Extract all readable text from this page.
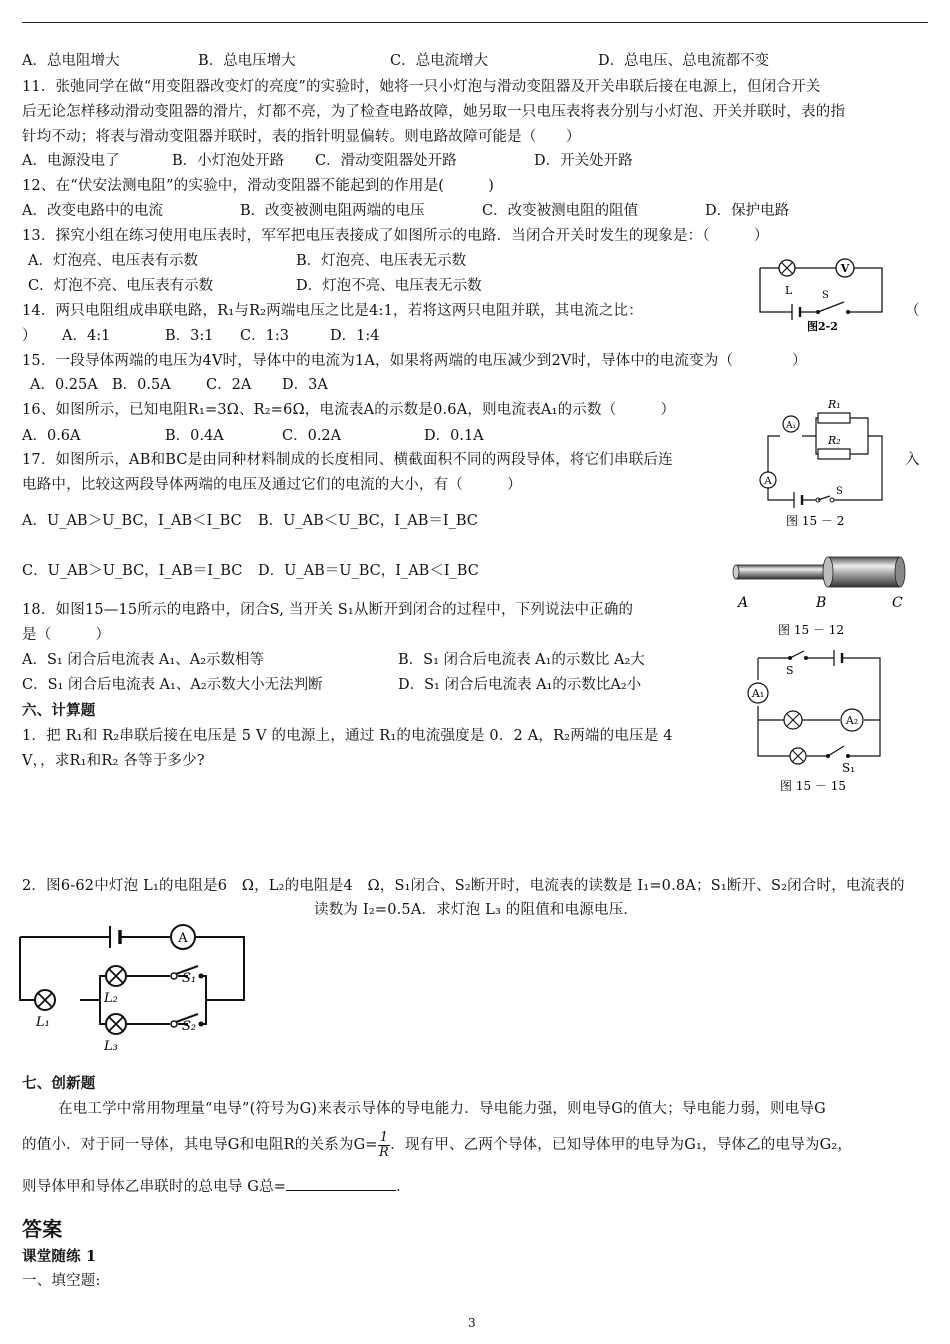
A．总电阻增大	B．总电压增大	C．总电流增大	D．总电压、总电流都不变
11．张弛同学在做“用变阻器改变灯的亮度”的实验时，她将一只小灯泡与滑动变阻器及开关串联后接在电源上，但闭合开关
后无论怎样移动滑动变阻器的滑片，灯都不亮，为了检查电路故障，她另取一只电压表将表分别与小灯泡、开关并联时，表的指
针均不动；将表与滑动变阻器并联时，表的指针明显偏转。则电路故障可能是（　　）
A．电源没电了	B．小灯泡处开路 C．滑动变阻器处开路	D．开关处开路
12、在“伏安法测电阻”的实验中，滑动变阻器不能起到的作用是(　　　)
A．改变电路中的电流	B．改变被测电阻两端的电压	C．改变被测电阻的阻值	D．保护电路
13．探究小组在练习使用电压表时，军军把电压表接成了如图所示的电路．当闭合开关时发生的现象是：（　　　）
A．灯泡亮、电压表有示数	B．灯泡亮、电压表无示数
C．灯泡不亮、电压表有示数	D．灯泡不亮、电压表无示数
V
L	S
图2-2
14．两只电阻组成串联电路，R₁与R₂两端电压之比是4:1，若将这两只电阻并联，其电流之比：	（
） A．4:1	B．3:1 C．1:3	D．1:4
15．一段导体两端的电压为4V时，导体中的电流为1A，如果将两端的电压减少到2V时，导体中的电流变为（　　　　）
A．0.25A B．0.5A C．2A D．3A
16、如图所示，已知电阻R₁=3Ω、R₂=6Ω，电流表A的示数是0.6A，则电流表A₁的示数（　　　）
A．0.6A	B．0.4A	C．0.2A	D．0.1A
A₁
R₁
R₂
A
S
图 15 － 2
17．如图所示，AB和BC是由同种材料制成的长度相同、横截面积不同的两段导体，将它们串联后连	入
电路中，比较这两段导体两端的电压及通过它们的电流的大小，有（　　　）
A．U_AB＞U_BC，I_AB＜I_BC B．U_AB＜U_BC，I_AB＝I_BC
C．U_AB＞U_BC，I_AB＝I_BC D．U_AB＝U_BC，I_AB＜I_BC
A	B	C
图 15 － 12
18．如图15—15所示的电路中，闭合S, 当开关 S₁从断开到闭合的过程中，下列说法中正确的
是（　　　）
A．S₁ 闭合后电流表 A₁、A₂示数相等	B．S₁ 闭合后电流表 A₁的示数比 A₂大
C．S₁ 闭合后电流表 A₁、A₂示数大小无法判断	D．S₁ 闭合后电流表 A₁的示数比A₂小
A₁
S
A₂
S₁
图 15 － 15
六、计算题
1．把 R₁和 R₂串联后接在电压是 5 V 的电源上，通过 R₁的电流强度是 0．2 A，R₂两端的电压是 4
V，，求R₁和R₂ 各等于多少?
2．图6-62中灯泡 L₁的电阻是6　Ω，L₂的电阻是4　Ω，S₁闭合、S₂断开时，电流表的读数是 I₁=0.8A；S₁断开、S₂闭合时，电流表的
读数为 I₂=0.5A．求灯泡 L₃ 的阻值和电源电压．
A
L₂
S₁
L₃
S₂
L₁
七、创新题
在电工学中常用物理量“电导”(符号为G)来表示导体的导电能力．导电能力强，则电导G的值大；导电能力弱，则电导G
的值小．对于同一导体，其电导G和电阻R的关系为$G= \frac{1}{R}$ ．现有甲、乙两个导体，已知导体甲的电导为G₁，导体乙的电导为G₂，
则导体甲和导体乙串联时的总电导 G总=	．
答案
课堂随练 1
一、填空题:
3
